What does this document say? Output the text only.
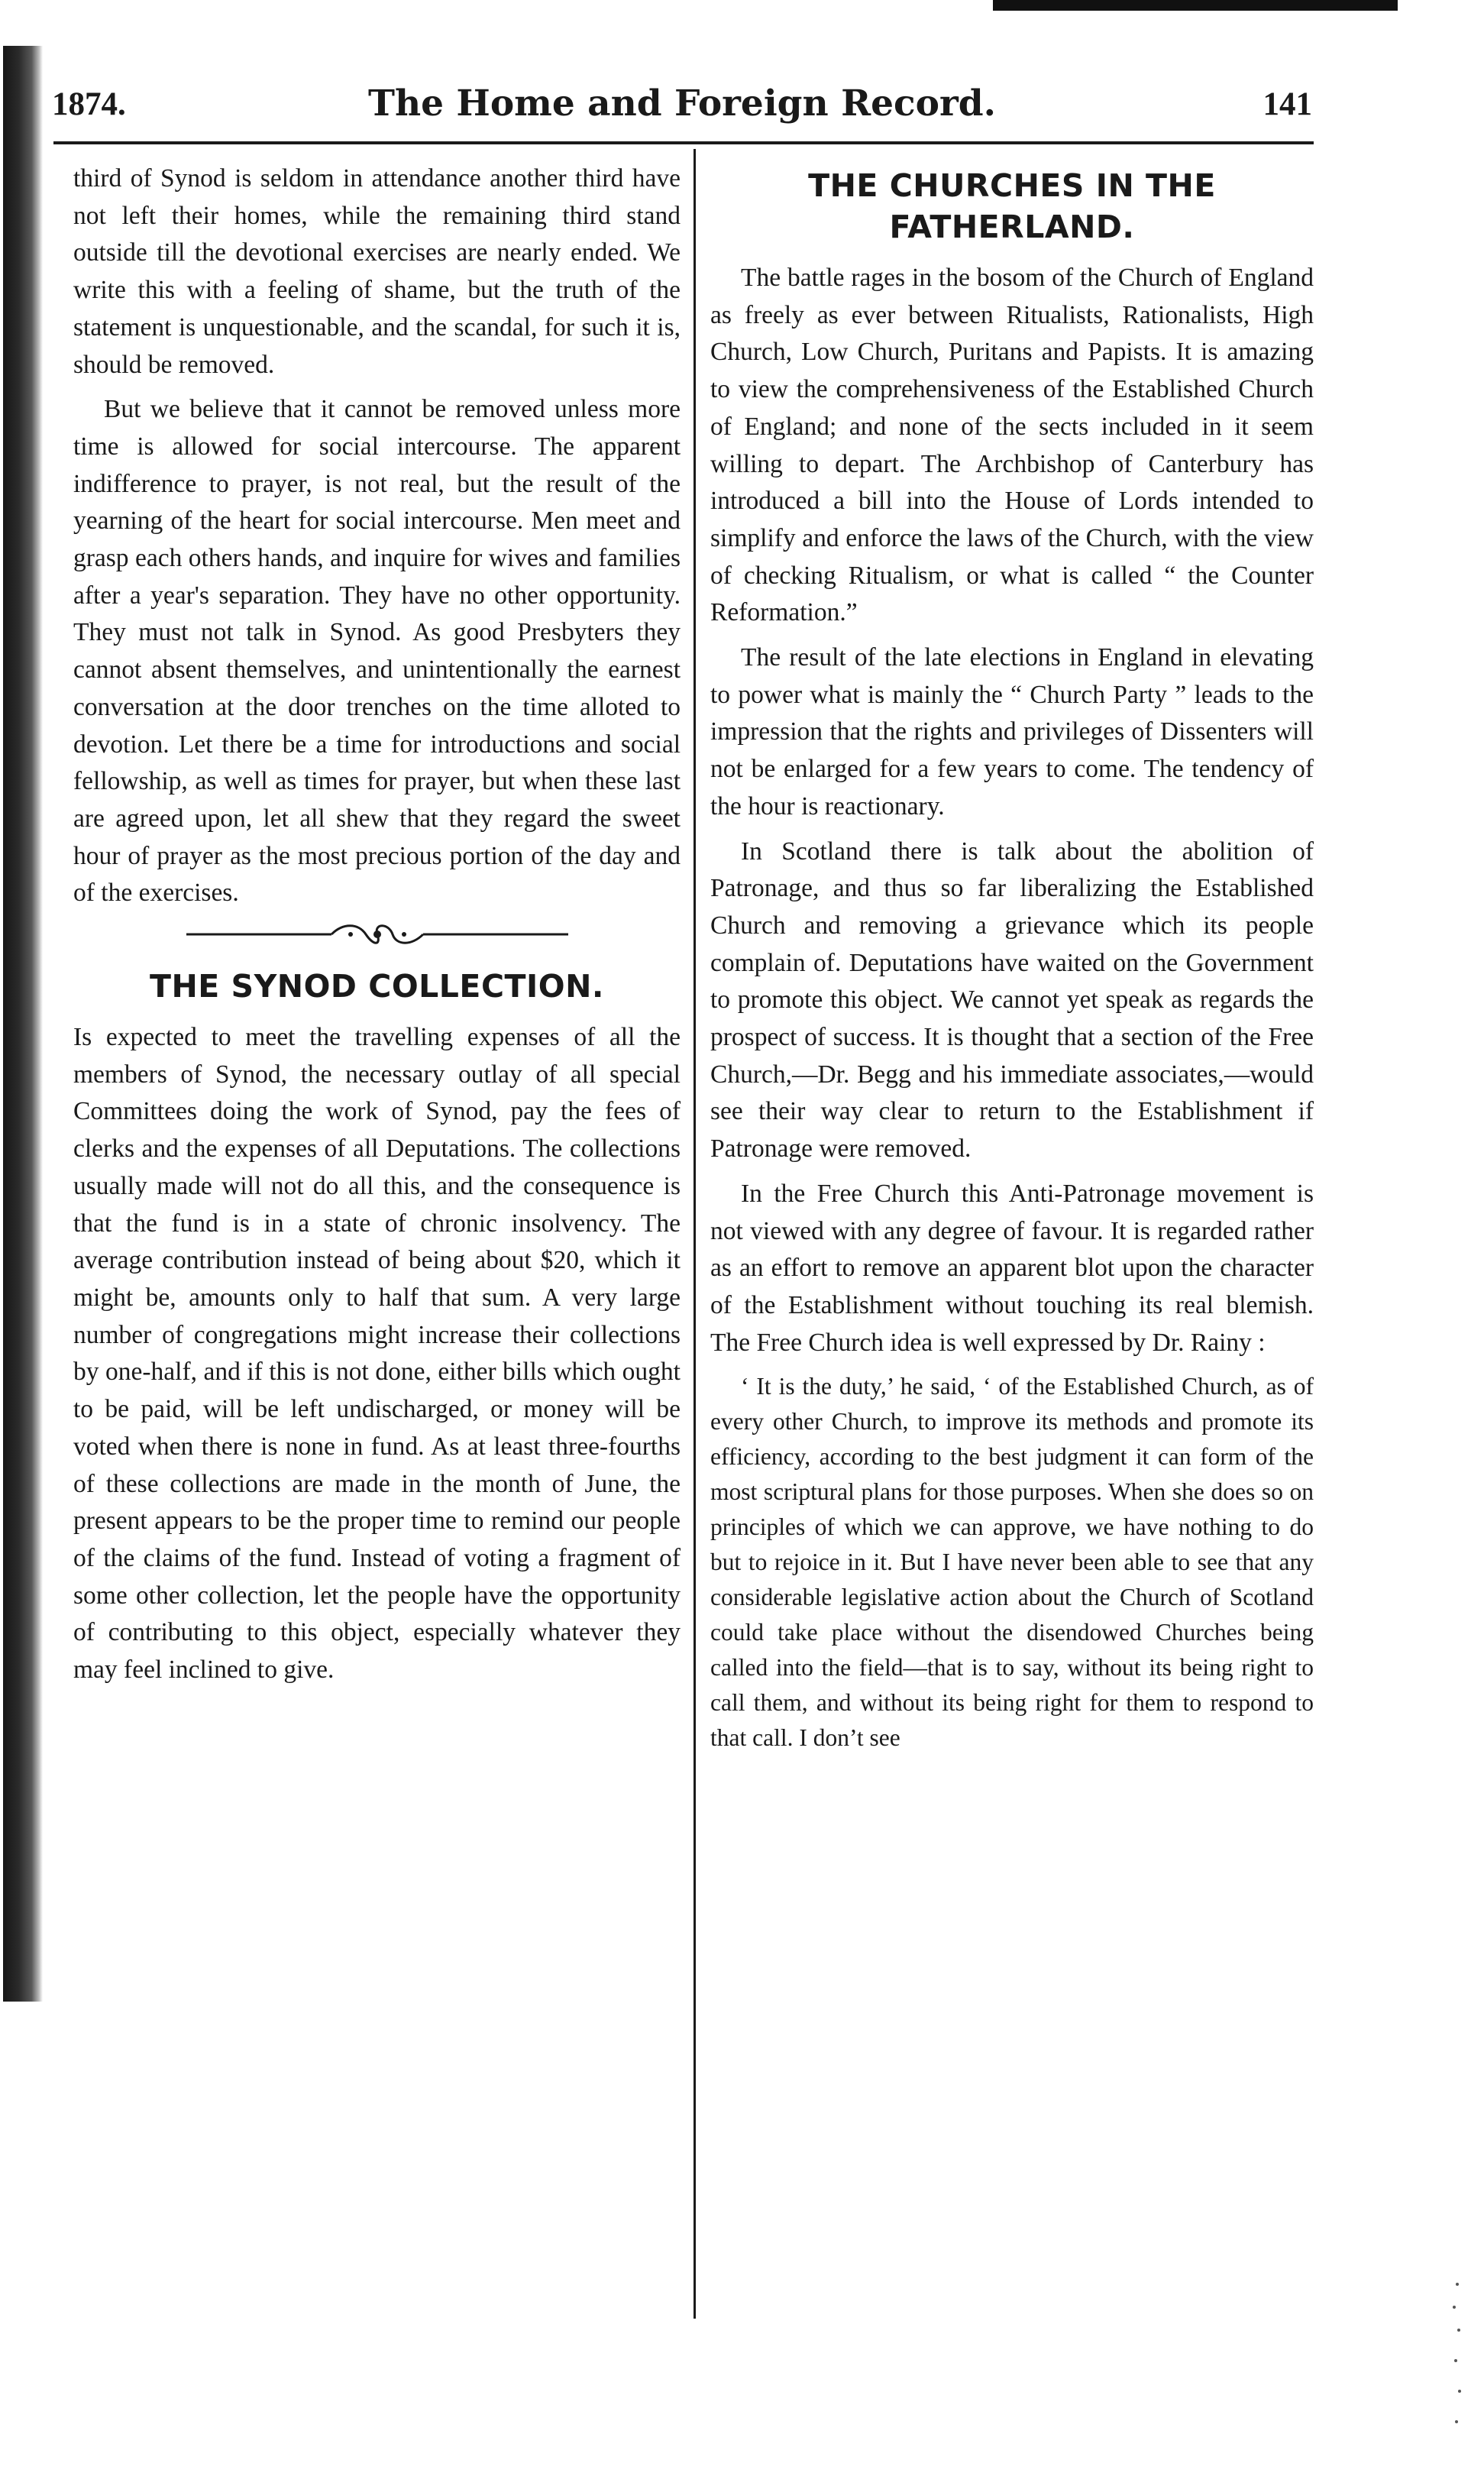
1874.	The Home and Foreign Record.	141

third of Synod is seldom in attendance another third have not left their homes, while the remaining third stand outside till the devotional exercises are nearly ended. We write this with a feeling of shame, but the truth of the statement is unquestionable, and the scandal, for such it is, should be removed.

But we believe that it cannot be removed unless more time is allowed for social intercourse. The apparent indifference to prayer, is not real, but the result of the yearning of the heart for social intercourse. Men meet and grasp each others hands, and inquire for wives and families after a year's separation. They have no other opportunity. They must not talk in Synod. As good Presbyters they cannot absent themselves, and unintentionally the earnest conversation at the door trenches on the time alloted to devotion. Let there be a time for introductions and social fellowship, as well as times for prayer, but when these last are agreed upon, let all shew that they regard the sweet hour of prayer as the most precious portion of the day and of the exercises.

THE SYNOD COLLECTION.

Is expected to meet the travelling expenses of all the members of Synod, the necessary outlay of all special Committees doing the work of Synod, pay the fees of clerks and the expenses of all Deputations. The collections usually made will not do all this, and the consequence is that the fund is in a state of chronic insolvency. The average contribution instead of being about $20, which it might be, amounts only to half that sum. A very large number of congregations might increase their collections by one-half, and if this is not done, either bills which ought to be paid, will be left undischarged, or money will be voted when there is none in fund. As at least three-fourths of these collections are made in the month of June, the present appears to be the proper time to remind our people of the claims of the fund. Instead of voting a fragment of some other collection, let the people have the opportunity of contributing to this object, especially whatever they may feel inclined to give.

THE CHURCHES IN THE FATHERLAND.

The battle rages in the bosom of the Church of England as freely as ever between Ritualists, Rationalists, High Church, Low Church, Puritans and Papists. It is amazing to view the comprehensiveness of the Established Church of England; and none of the sects included in it seem willing to depart. The Archbishop of Canterbury has introduced a bill into the House of Lords intended to simplify and enforce the laws of the Church, with the view of checking Ritualism, or what is called “ the Counter Reformation.”

The result of the late elections in England in elevating to power what is mainly the “ Church Party ” leads to the impression that the rights and privileges of Dissenters will not be enlarged for a few years to come. The tendency of the hour is reactionary.

In Scotland there is talk about the abolition of Patronage, and thus so far liberalizing the Established Church and removing a grievance which its people complain of. Deputations have waited on the Government to promote this object. We cannot yet speak as regards the prospect of success. It is thought that a section of the Free Church,—Dr. Begg and his immediate associates,—would see their way clear to return to the Establishment if Patronage were removed.

In the Free Church this Anti-Patronage movement is not viewed with any degree of favour. It is regarded rather as an effort to remove an apparent blot upon the character of the Establishment without touching its real blemish. The Free Church idea is well expressed by Dr. Rainy :

‘ It is the duty,’ he said, ‘ of the Established Church, as of every other Church, to improve its methods and promote its efficiency, according to the best judgment it can form of the most scriptural plans for those purposes. When she does so on principles of which we can approve, we have nothing to do but to rejoice in it. But I have never been able to see that any considerable legislative action about the Church of Scotland could take place without the disendowed Churches being called into the field—that is to say, without its being right to call them, and without its being right for them to respond to that call. I don’t see
